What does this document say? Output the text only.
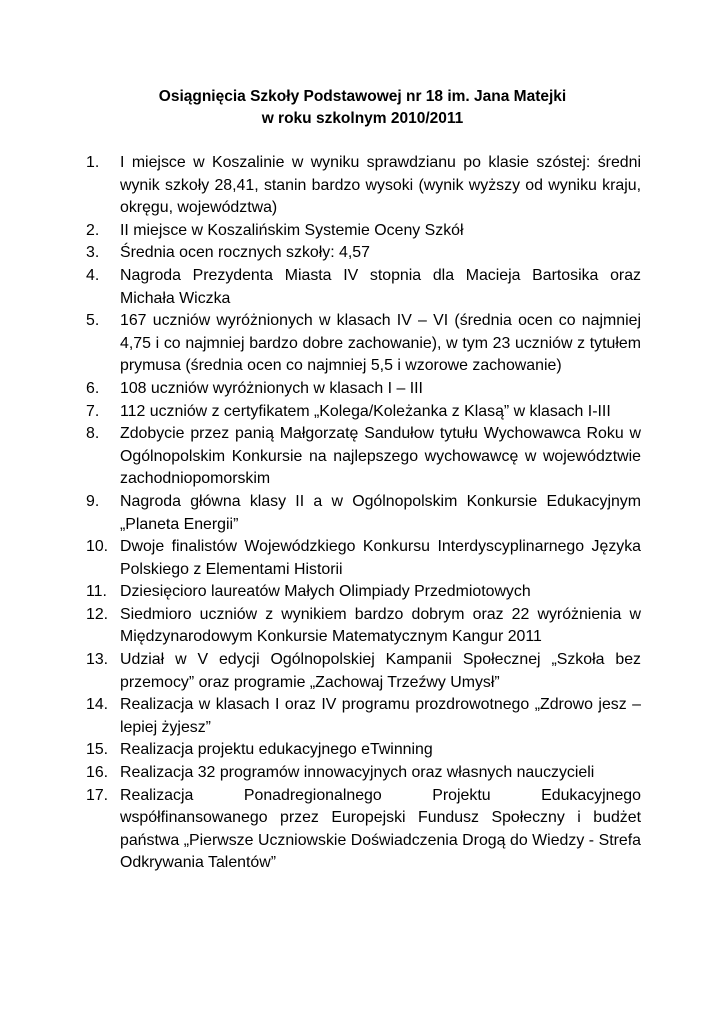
Osiągnięcia Szkoły Podstawowej nr 18 im. Jana Matejki
w roku szkolnym 2010/2011
1.	I miejsce w Koszalinie w wyniku sprawdzianu po klasie szóstej: średni wynik szkoły 28,41, stanin bardzo wysoki (wynik wyższy od wyniku kraju, okręgu, województwa)
2.	II miejsce w Koszalińskim Systemie Oceny Szkół
3.	Średnia ocen rocznych szkoły: 4,57
4.	Nagroda Prezydenta Miasta IV stopnia dla Macieja Bartosika oraz Michała Wiczka
5.	167 uczniów wyróżnionych w klasach IV – VI (średnia ocen co najmniej 4,75 i co najmniej bardzo dobre zachowanie), w tym 23 uczniów z tytułem prymusa (średnia ocen co najmniej 5,5 i wzorowe zachowanie)
6.	108 uczniów wyróżnionych w klasach I – III
7.	112 uczniów z certyfikatem „Kolega/Koleżanka z Klasą” w klasach I-III
8.	Zdobycie przez panią Małgorzatę Sandułow tytułu Wychowawca Roku w Ogólnopolskim Konkursie na najlepszego wychowawcę w województwie zachodniopomorskim
9.	Nagroda główna klasy II a w Ogólnopolskim Konkursie Edukacyjnym „Planeta Energii”
10. Dwoje finalistów Wojewódzkiego Konkursu Interdyscyplinarnego Języka Polskiego z Elementami Historii
11. Dziesięcioro laureatów Małych Olimpiady Przedmiotowych
12. Siedmioro uczniów z wynikiem bardzo dobrym oraz 22 wyróżnienia w Międzynarodowym Konkursie Matematycznym Kangur 2011
13. Udział w V edycji Ogólnopolskiej Kampanii Społecznej „Szkoła bez przemocy” oraz programie „Zachowaj Trzeźwy Umysł”
14. Realizacja w klasach I oraz IV programu prozdrowotnego „Zdrowo jesz – lepiej żyjesz”
15. Realizacja projektu edukacyjnego eTwinning
16. Realizacja 32 programów innowacyjnych oraz własnych nauczycieli
17. Realizacja Ponadregionalnego Projektu Edukacyjnego współfinansowanego przez Europejski Fundusz Społeczny i budżet państwa „Pierwsze Uczniowskie Doświadczenia Drogą do Wiedzy - Strefa Odkrywania Talentów”
